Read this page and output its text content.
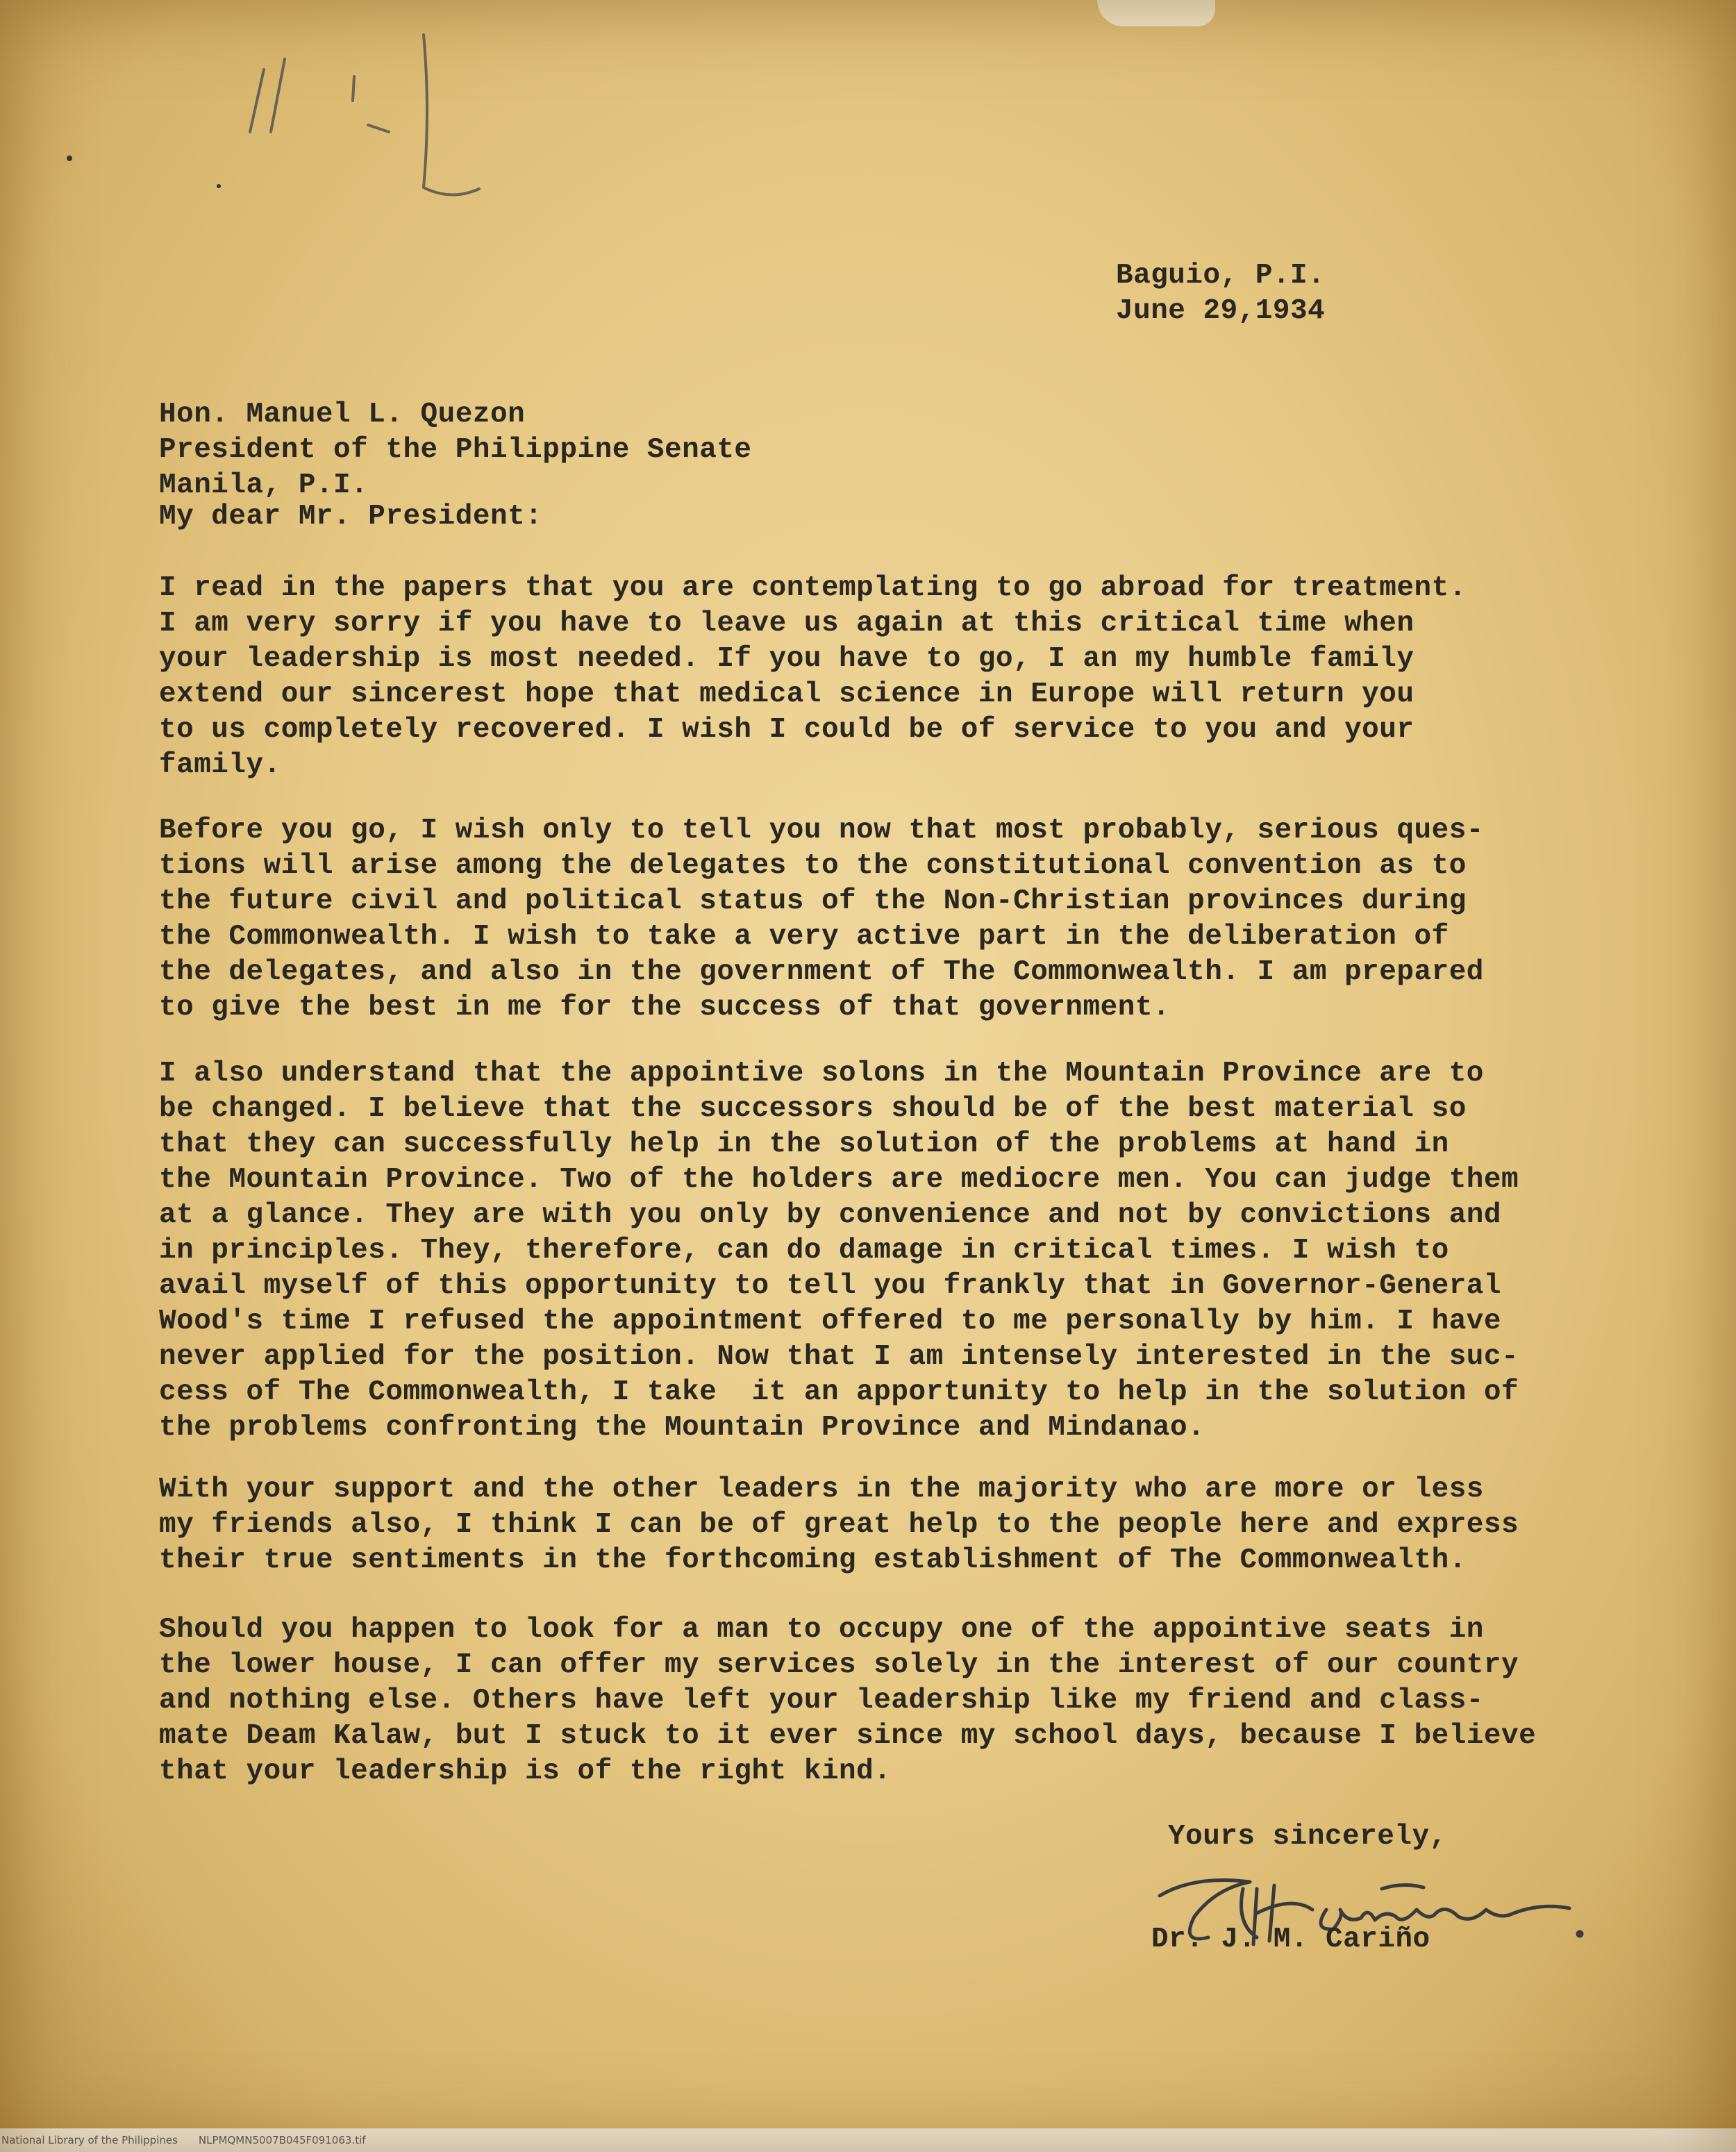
Baguio, P.I.
June 29,1934
Hon. Manuel L. Quezon
President of the Philippine Senate
Manila, P.I.
My dear Mr. President:
I read in the papers that you are contemplating to go abroad for treatment.
I am very sorry if you have to leave us again at this critical time when
your leadership is most needed. If you have to go, I an my humble family
extend our sincerest hope that medical science in Europe will return you
to us completely recovered. I wish I could be of service to you and your
family.
Before you go, I wish only to tell you now that most probably, serious ques-
tions will arise among the delegates to the constitutional convention as to
the future civil and political status of the Non-Christian provinces during
the Commonwealth. I wish to take a very active part in the deliberation of
the delegates, and also in the government of The Commonwealth. I am prepared
to give the best in me for the success of that government.
I also understand that the appointive solons in the Mountain Province are to
be changed. I believe that the successors should be of the best material so
that they can successfully help in the solution of the problems at hand in
the Mountain Province. Two of the holders are mediocre men. You can judge them
at a glance. They are with you only by convenience and not by convictions and
in principles. They, therefore, can do damage in critical times. I wish to
avail myself of this opportunity to tell you frankly that in Governor-General
Wood's time I refused the appointment offered to me personally by him. I have
never applied for the position. Now that I am intensely interested in the suc-
cess of The Commonwealth, I take  it an apportunity to help in the solution of
the problems confronting the Mountain Province and Mindanao.
With your support and the other leaders in the majority who are more or less
my friends also, I think I can be of great help to the people here and express
their true sentiments in the forthcoming establishment of The Commonwealth.
Should you happen to look for a man to occupy one of the appointive seats in
the lower house, I can offer my services solely in the interest of our country
and nothing else. Others have left your leadership like my friend and class-
mate Deam Kalaw, but I stuck to it ever since my school days, because I believe
that your leadership is of the right kind.
Yours sincerely,
Dr. J. M. Cariño
National Library of the Philippines NLPMQMN5007B045F091063.tif
